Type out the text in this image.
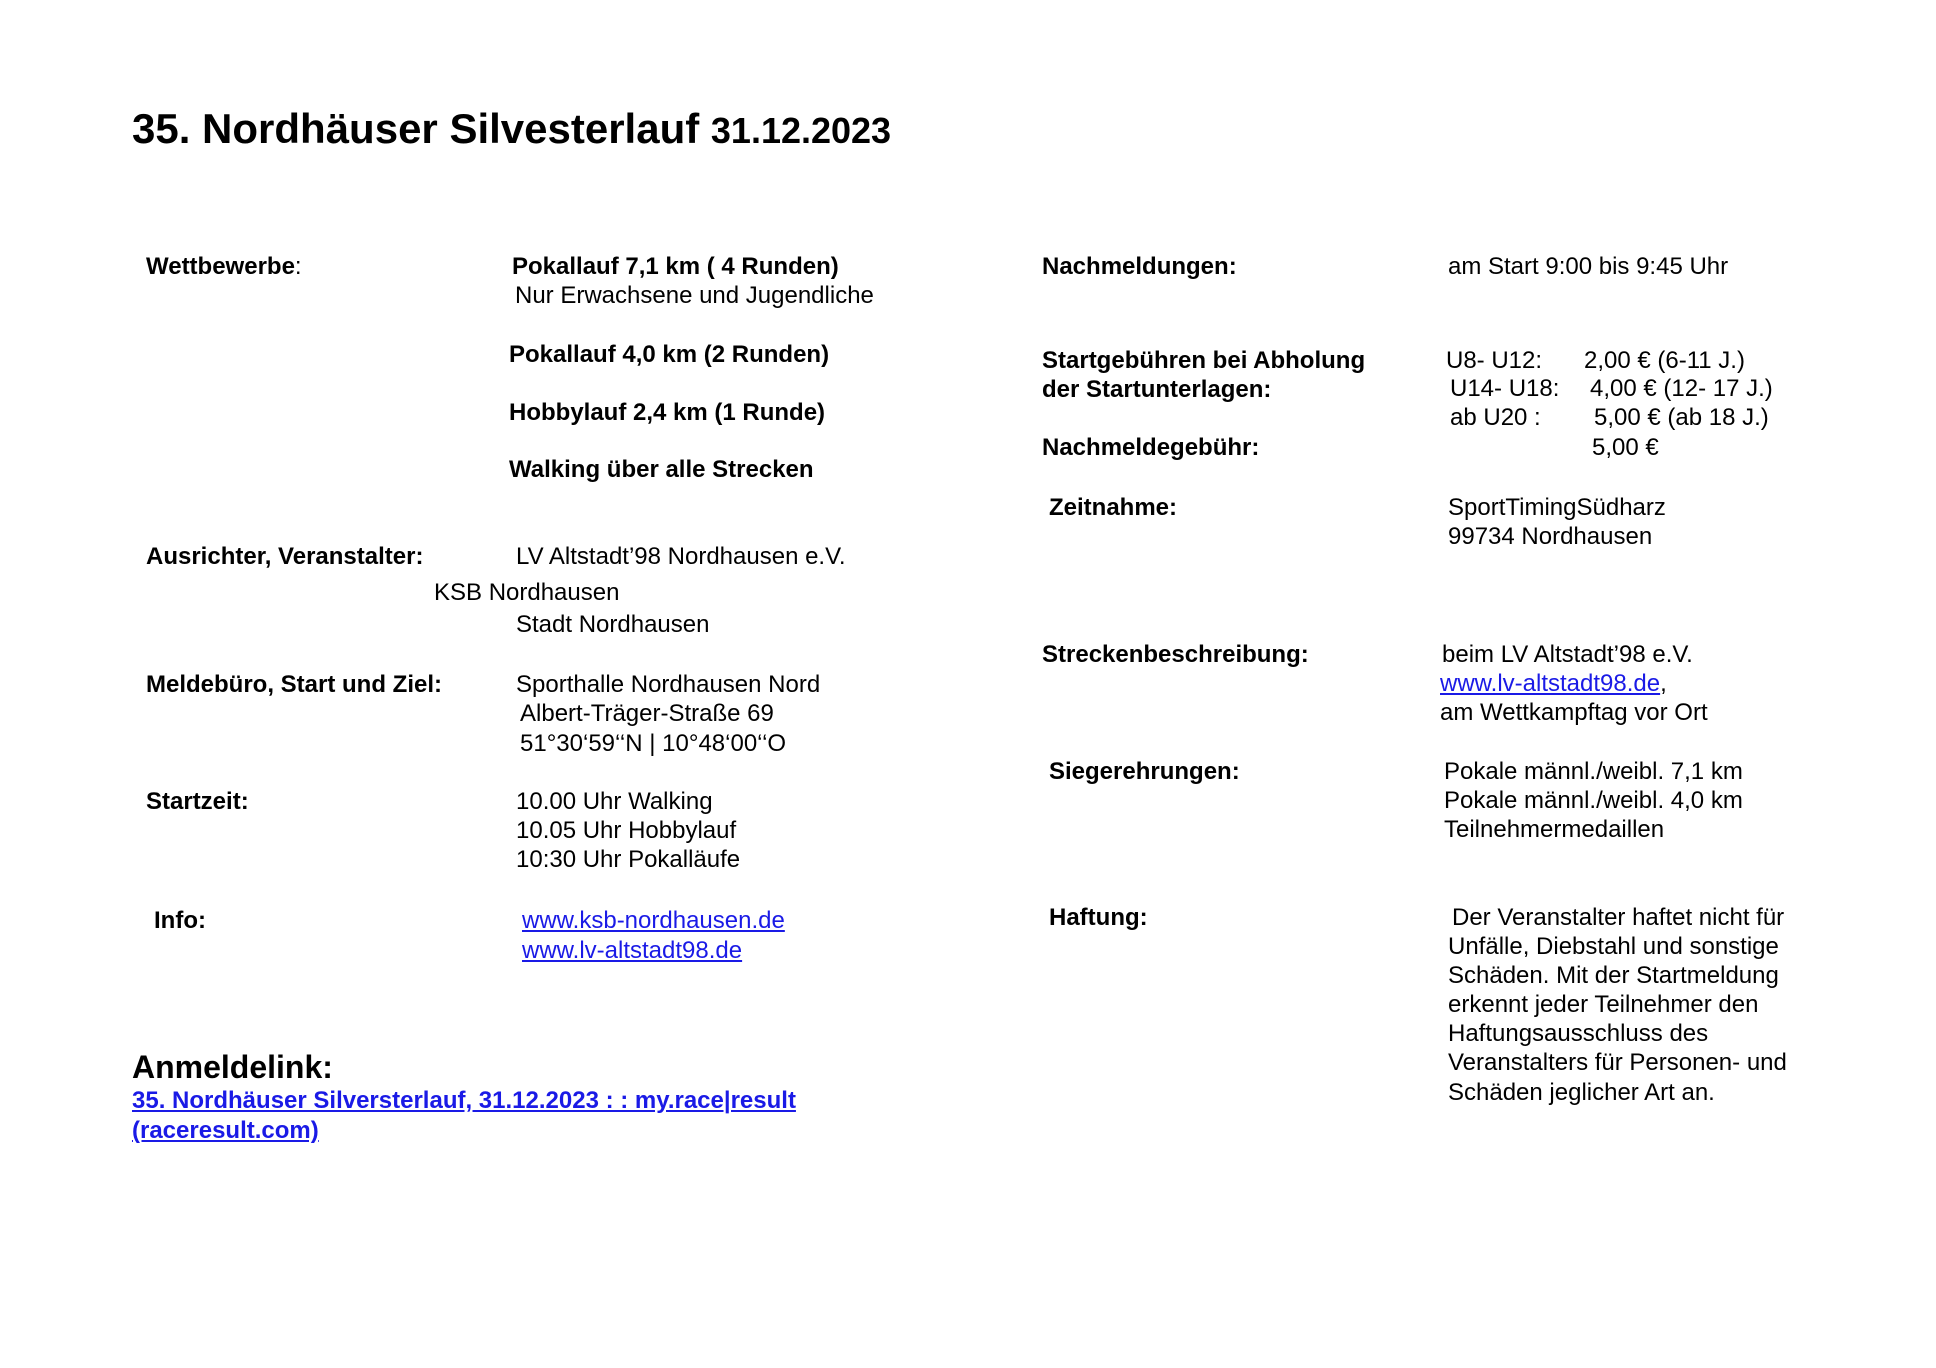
35. Nordhäuser Silvesterlauf 31.12.2023
Wettbewerbe:	Pokallauf 7,1 km ( 4 Runden)
Nur Erwachsene und Jugendliche
Pokallauf 4,0 km (2 Runden)
Hobbylauf 2,4 km (1 Runde)
Walking über alle Strecken
Ausrichter, Veranstalter:	LV Altstadt’98 Nordhausen e.V.
KSB Nordhausen
Stadt Nordhausen
Meldebüro, Start und Ziel:	Sporthalle Nordhausen Nord
Albert-Träger-Straße 69
51°30‘59‘‘N | 10°48‘00‘‘O
Startzeit:	10.00 Uhr Walking
10.05 Uhr Hobbylauf
10:30 Uhr Pokalläufe
Info:	www.ksb-nordhausen.de
www.lv-altstadt98.de
Anmeldelink:
35. Nordhäuser Silversterlauf, 31.12.2023 : : my.race|result (raceresult.com)
Nachmeldungen:	am Start 9:00 bis 9:45 Uhr
Startgebühren bei Abholung
der Startunterlagen:
U8- U12: 2,00 € (6-11 J.)
U14- U18: 4,00 € (12- 17 J.)
ab U20 : 5,00 € (ab 18 J.)
Nachmeldegebühr:	5,00 €
Zeitnahme:	SportTimingSüdharz
99734 Nordhausen
Streckenbeschreibung:	beim LV Altstadt’98 e.V.
www.lv-altstadt98.de,
am Wettkampftag vor Ort
Siegerehrungen:	Pokale männl./weibl. 7,1 km
Pokale männl./weibl. 4,0 km
Teilnehmermedaillen
Haftung:	Der Veranstalter haftet nicht für
Unfälle, Diebstahl und sonstige
Schäden. Mit der Startmeldung
erkennt jeder Teilnehmer den
Haftungsausschluss des
Veranstalters für Personen- und
Schäden jeglicher Art an.
